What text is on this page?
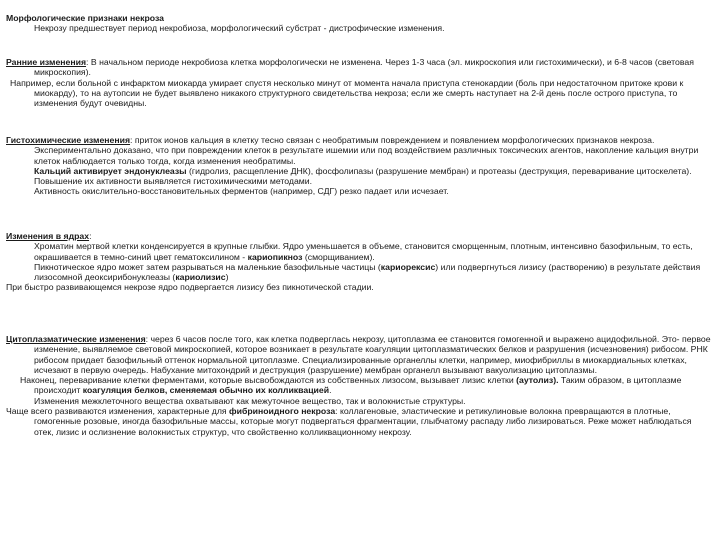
Морфологические признаки некроза
Некрозу предшествует период некробиоза, морфологический субстрат - дистрофические изменения.
Ранние изменения: В начальном периоде некробиоза клетка морфологически не изменена. Через 1-3 часа (эл. микроскопия или гистохимически), и 6-8 часов (световая микроскопия).
Например, если больной с инфарктом миокарда умирает спустя несколько минут от момента начала приступа стенокардии (боль при недостаточном притоке крови к миокарду), то на аутопсии не будет выявлено никакого структурного свидетельства некроза; если же смерть наступает на 2-й день после острого приступа, то изменения будут очевидны.
Гистохимические изменения: приток ионов кальция в клетку тесно связан с необратимым повреждением и появлением морфологических признаков некроза.
Экспериментально доказано, что при повреждении клеток в результате ишемии или под воздействием различных токсических агентов, накопление кальция внутри клеток наблюдается только тогда, когда изменения необратимы.
Кальций активирует эндонуклеазы (гидролиз, расщепление ДНК), фосфолипазы (разрушение мембран) и протеазы (деструкция, переваривание цитоскелета). Повышение их активности выявляется гистохимическими методами.
Активность окислительно-восстановительных ферментов (например, СДГ) резко падает или исчезает.
Изменения в ядрах:
Хроматин мертвой клетки конденсируется в крупные глыбки. Ядро уменьшается в объеме, становится сморщенным, плотным, интенсивно базофильным, то есть, окрашивается в темно-синий цвет гематоксилином - кариопикноз (сморщиванием).
Пикнотическое ядро может затем разрываться на маленькие базофильные частицы (кариорексис) или подвергнуться лизису (растворению) в результате действия лизосомной деоксирибонуклеазы (кариолизис)
При быстро развивающемся некрозе ядро подвергается лизису без пикнотической стадии.
Цитоплазматические изменения: через 6 часов после того, как клетка подверглась некрозу, цитоплазма ее становится гомогенной и выражено ацидофильной. Это- первое изменение, выявляемое световой микроскопией, которое возникает в результате коагуляции цитоплазматических белков и разрушения (исчезновения) рибосом. РНК рибосом придает базофильный оттенок нормальной цитоплазме. Специализированные органеллы клетки, например, миофибриллы в миокардиальных клетках, исчезают в первую очередь. Набухание митохондрий и деструкция (разрушение) мембран органелл вызывают вакуолизацию цитоплазмы.
Наконец, переваривание клетки ферментами, которые высвобождаются из собственных лизосом, вызывает лизис клетки (аутолиз). Таким образом, в цитоплазме происходит коагуляция белков, сменяемая обычно их колликвацией.
Изменения межклеточного вещества охватывают как межуточное вещество, так и волокнистые структуры.
Чаще всего развиваются изменения, характерные для фибриноидного некроза: коллагеновые, эластические и ретикулиновые волокна превращаются в плотные, гомогенные розовые, иногда базофильные массы, которые могут подвергаться фрагментации, глыбчатому распаду либо лизироваться. Реже может наблюдаться отек, лизис и ослизнение волокнистых структур, что свойственно колликвационному некрозу.
